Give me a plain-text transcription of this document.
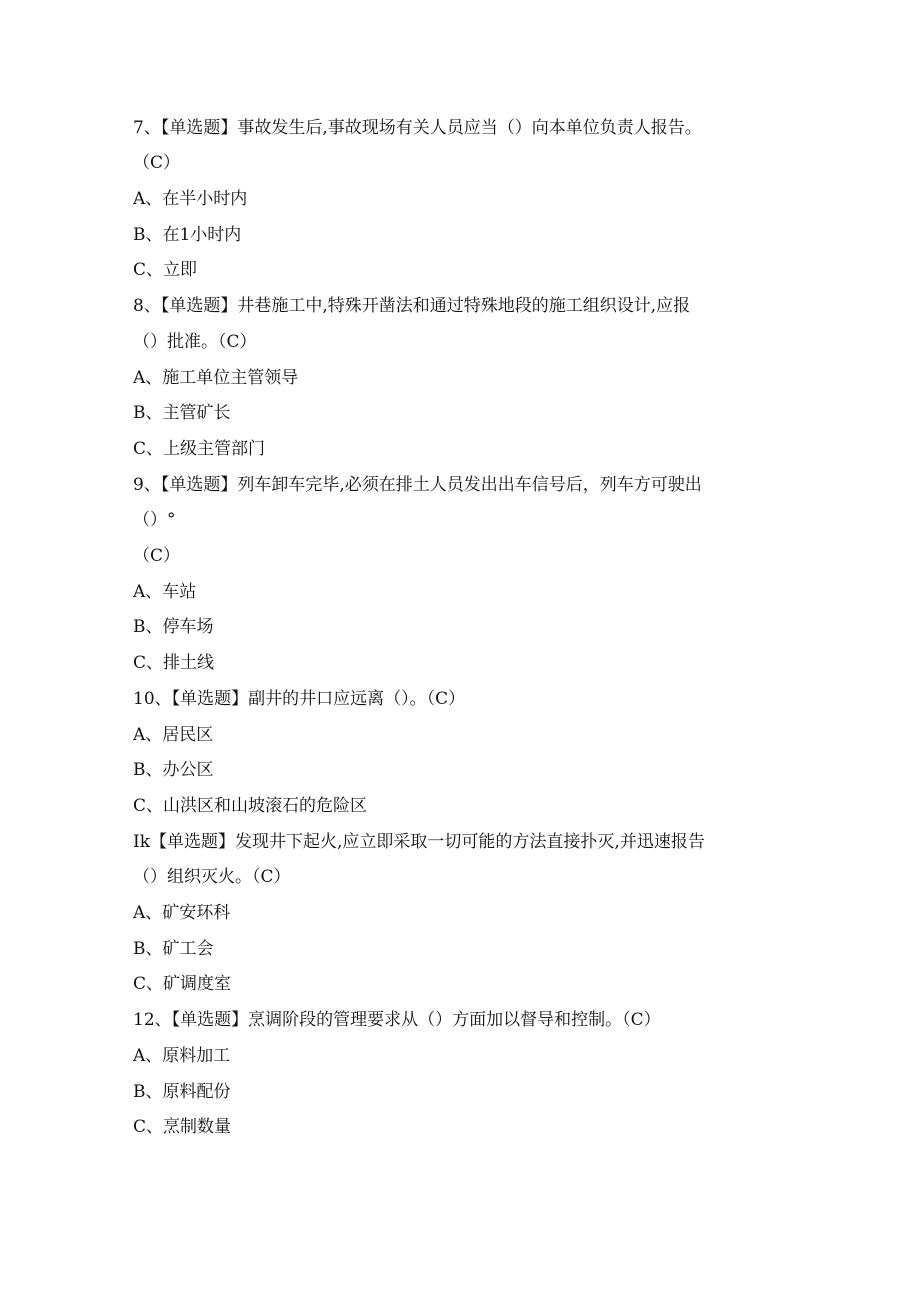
7、【单选题】事故发生后,事故现场有关人员应当（）向本单位负责人报告。
（C）
A、在半小时内
B、在1小时内
C、立即
8、【单选题】井巷施工中,特殊开凿法和通过特殊地段的施工组织设计,应报
（）批准。（C）
A、施工单位主管领导
B、主管矿长
C、上级主管部门
9、【单选题】列车卸车完毕,必须在排土人员发出出车信号后，列车方可驶出
（）°
（C）
A、车站
B、停车场
C、排土线
10、【单选题】副井的井口应远离（）。（C）
A、居民区
B、办公区
C、山洪区和山坡滚石的危险区
Ik【单选题】发现井下起火,应立即采取一切可能的方法直接扑灭,并迅速报告
（）组织灭火。（C）
A、矿安环科
B、矿工会
C、矿调度室
12、【单选题】烹调阶段的管理要求从（）方面加以督导和控制。（C）
A、原料加工
B、原料配份
C、烹制数量
